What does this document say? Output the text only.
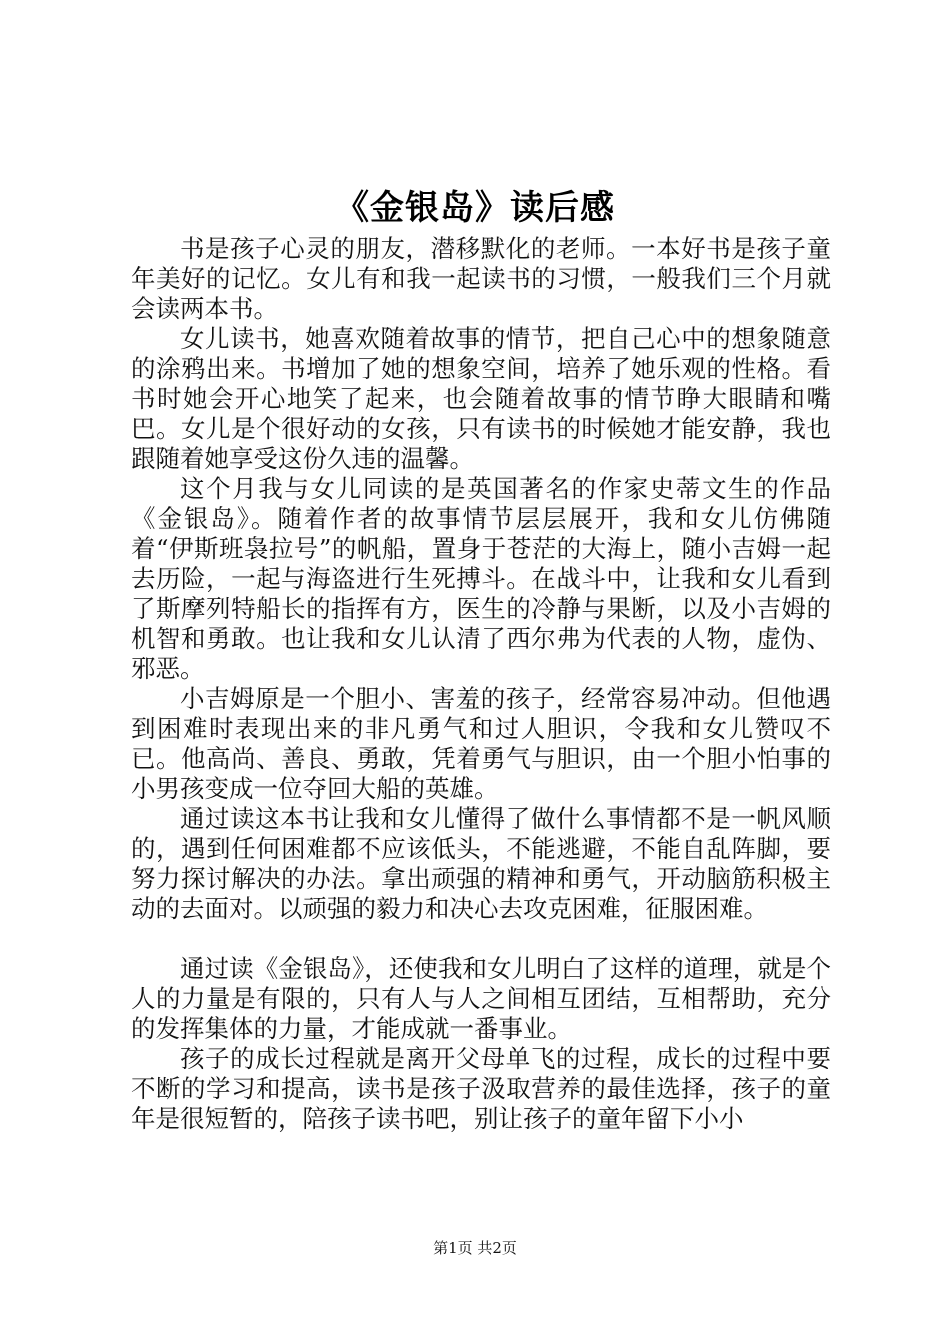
《金银岛》读后感

书是孩子心灵的朋友，潜移默化的老师。一本好书是孩子童年美好的记忆。女儿有和我一起读书的习惯，一般我们三个月就会读两本书。

女儿读书，她喜欢随着故事的情节，把自己心中的想象随意的涂鸦出来。书增加了她的想象空间，培养了她乐观的性格。看书时她会开心地笑了起来，也会随着故事的情节睁大眼睛和嘴巴。女儿是个很好动的女孩，只有读书的时候她才能安静，我也跟随着她享受这份久违的温馨。

这个月我与女儿同读的是英国著名的作家史蒂文生的作品《金银岛》。随着作者的故事情节层层展开，我和女儿仿佛随着“伊斯班袅拉号”的帆船，置身于苍茫的大海上，随小吉姆一起去历险，一起与海盗进行生死搏斗。在战斗中，让我和女儿看到了斯摩列特船长的指挥有方，医生的冷静与果断，以及小吉姆的机智和勇敢。也让我和女儿认清了西尔弗为代表的人物，虚伪、邪恶。

小吉姆原是一个胆小、害羞的孩子，经常容易冲动。但他遇到困难时表现出来的非凡勇气和过人胆识，令我和女儿赞叹不已。他高尚、善良、勇敢，凭着勇气与胆识，由一个胆小怕事的小男孩变成一位夺回大船的英雄。

通过读这本书让我和女儿懂得了做什么事情都不是一帆风顺的，遇到任何困难都不应该低头，不能逃避，不能自乱阵脚，要努力探讨解决的办法。拿出顽强的精神和勇气，开动脑筋积极主动的去面对。以顽强的毅力和决心去攻克困难，征服困难。

通过读《金银岛》，还使我和女儿明白了这样的道理，就是个人的力量是有限的，只有人与人之间相互团结，互相帮助，充分的发挥集体的力量，才能成就一番事业。

孩子的成长过程就是离开父母单飞的过程，成长的过程中要不断的学习和提高，读书是孩子汲取营养的最佳选择，孩子的童年是很短暂的，陪孩子读书吧，别让孩子的童年留下小小

第1页 共2页
